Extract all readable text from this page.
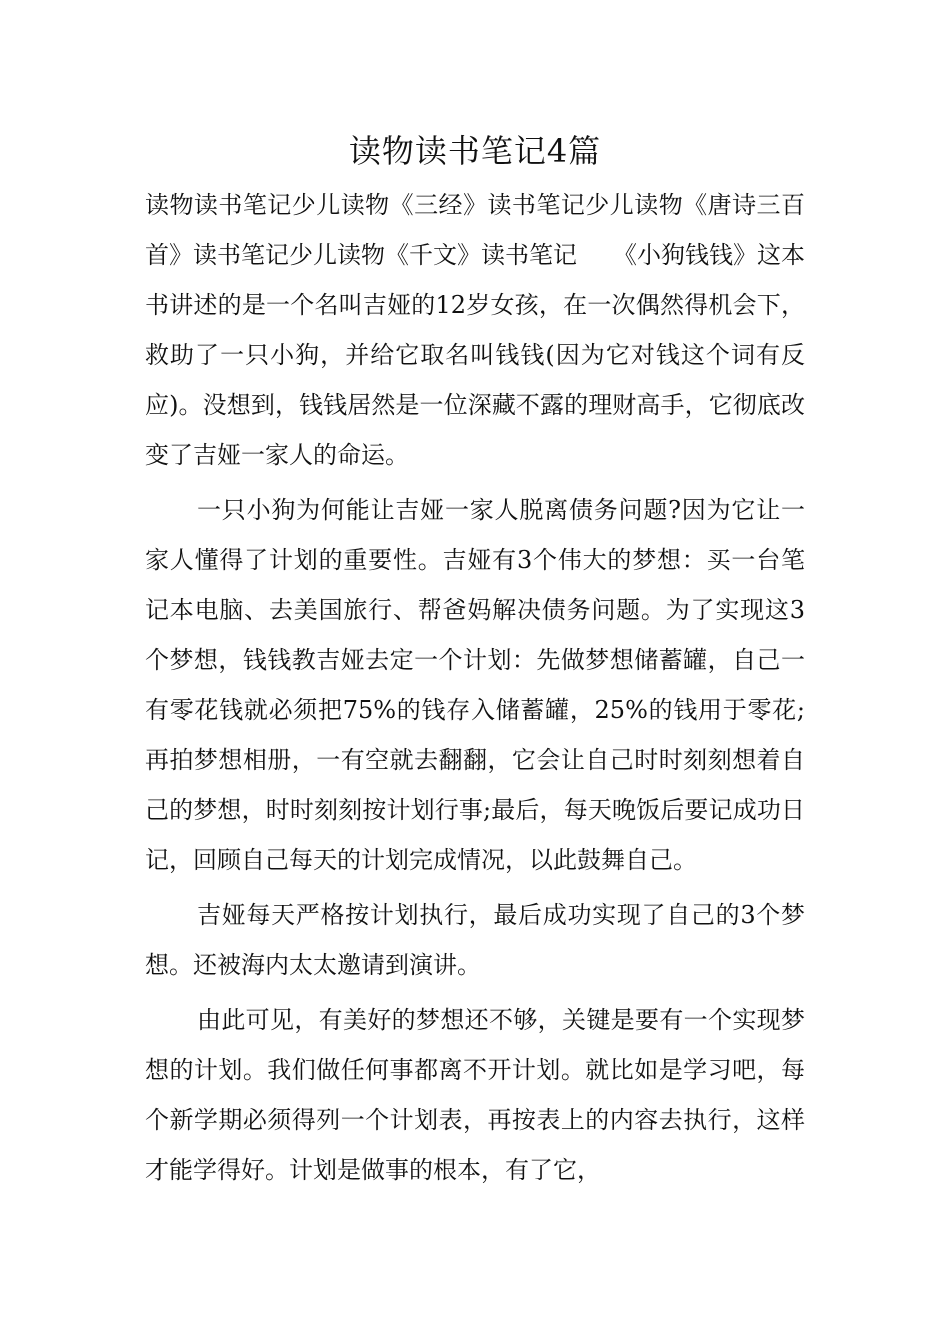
读物读书笔记4篇

读物读书笔记少儿读物《三经》读书笔记少儿读物《唐诗三百首》读书笔记少儿读物《千文》读书笔记　　《小狗钱钱》这本书讲述的是一个名叫吉娅的12岁女孩，在一次偶然得机会下，救助了一只小狗，并给它取名叫钱钱(因为它对钱这个词有反应)。没想到，钱钱居然是一位深藏不露的理财高手，它彻底改变了吉娅一家人的命运。

一只小狗为何能让吉娅一家人脱离债务问题?因为它让一家人懂得了计划的重要性。吉娅有3个伟大的梦想：买一台笔记本电脑、去美国旅行、帮爸妈解决债务问题。为了实现这3个梦想，钱钱教吉娅去定一个计划：先做梦想储蓄罐，自己一有零花钱就必须把75%的钱存入储蓄罐，25%的钱用于零花;再拍梦想相册，一有空就去翻翻，它会让自己时时刻刻想着自己的梦想，时时刻刻按计划行事;最后，每天晚饭后要记成功日记，回顾自己每天的计划完成情况，以此鼓舞自己。

吉娅每天严格按计划执行，最后成功实现了自己的3个梦想。还被海内太太邀请到演讲。

由此可见，有美好的梦想还不够，关键是要有一个实现梦想的计划。我们做任何事都离不开计划。就比如是学习吧，每个新学期必须得列一个计划表，再按表上的内容去执行，这样才能学得好。计划是做事的根本，有了它，
